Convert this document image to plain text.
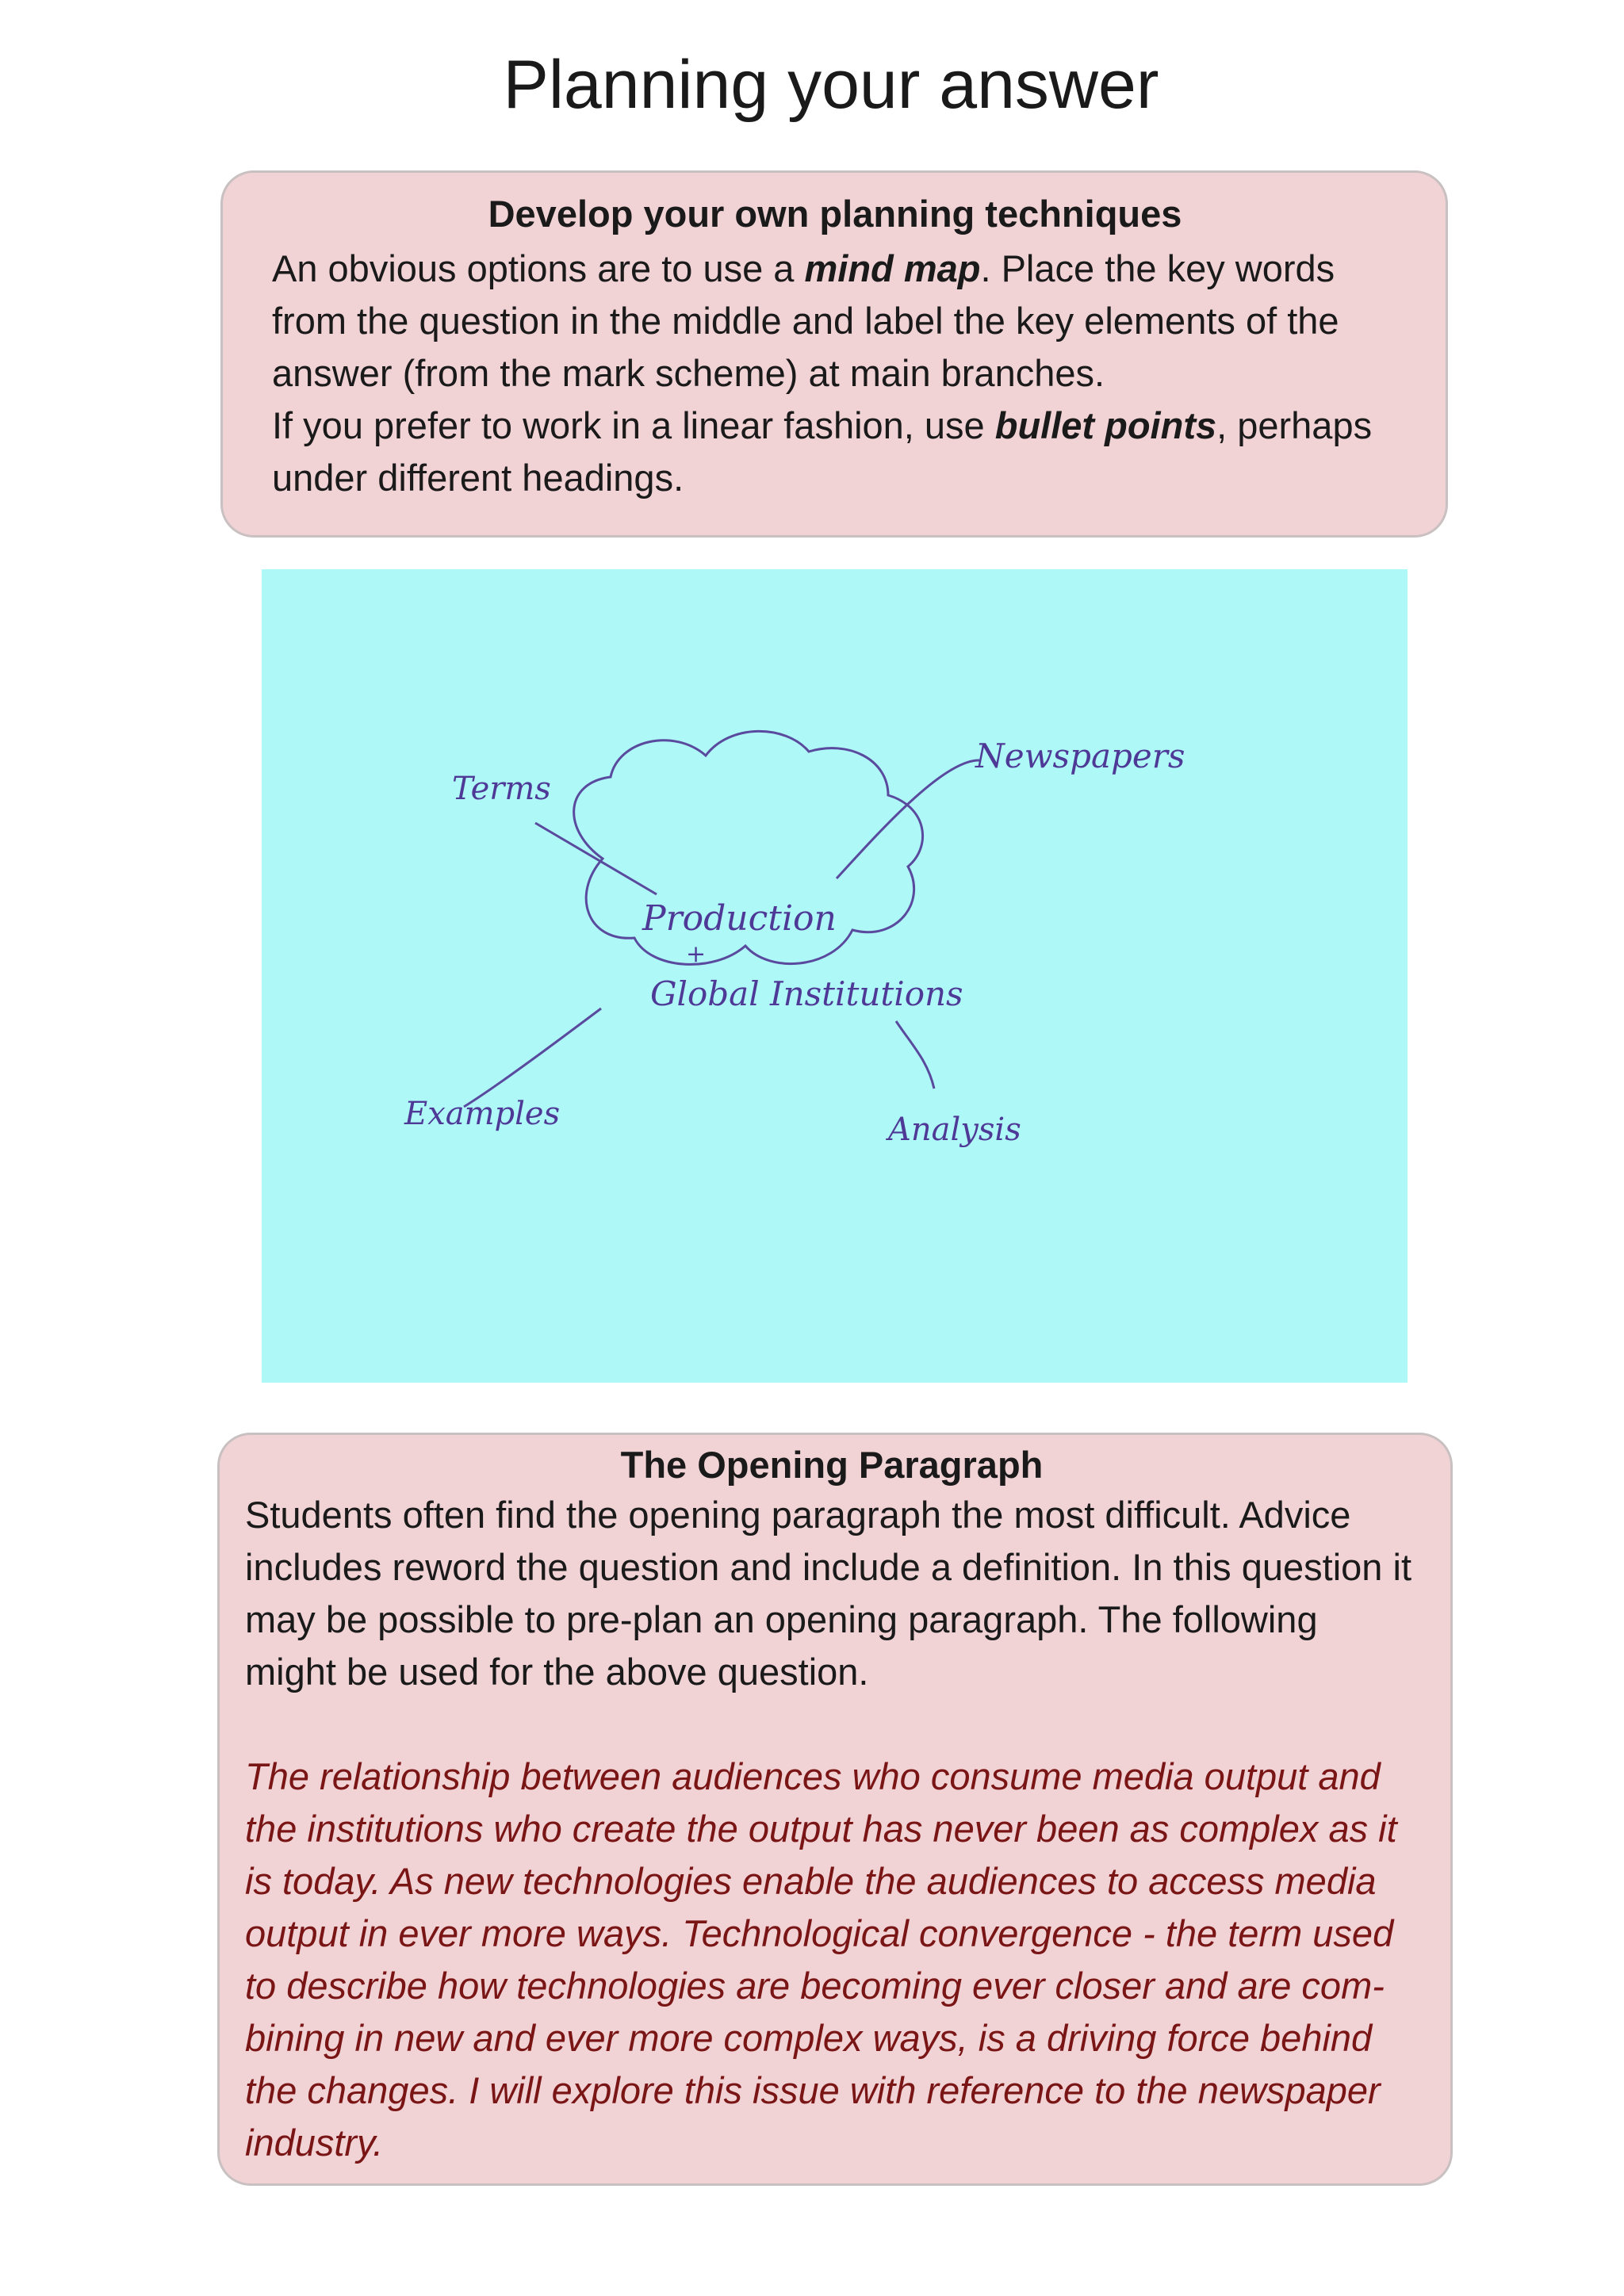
Planning your answer
Develop your own planning techniques

An obvious options are to use a mind map. Place the key words from the question in the middle and label the key elements of the answer (from the mark scheme) at main branches.

If you prefer to work in a linear fashion, use bullet points, perhaps under different headings.

Production
+
Global Institutions
Terms
Newspapers
Examples	Analysis
The Opening Paragraph
Students often find the opening paragraph the most difficult. Advice includes reword the question and include a definition. In this question it may be possible to pre-plan an opening paragraph. The following might be used for the above question.
The relationship between audiences who consume media output and the institutions who create the output has never been as complex as it is today. As new technologies enable the audiences to access media output in ever more ways. Technological convergence - the term used to describe how technologies are becoming ever closer and are com-bining in new and ever more complex ways, is a driving force behind the changes. I will explore this issue with reference to the newspaper industry.
